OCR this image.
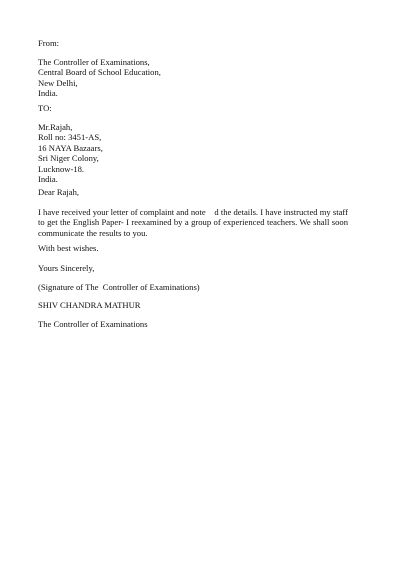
From:
The Controller of Examinations,
Central Board of School Education,
New Delhi,
India.
TO:
Mr.Rajah,
Roll no: 3451-AS,
16 NAYA Bazaars,
Sri Niger Colony,
Lucknow-18.
India.
Dear Rajah,
I have received your letter of complaint and note    d the details. I have instructed my staff to get the English Paper- I reexamined by a group of experienced teachers. We shall soon communicate the results to you.
With best wishes.
Yours Sincerely,
(Signature of The  Controller of Examinations)
SHIV CHANDRA MATHUR
The Controller of Examinations
